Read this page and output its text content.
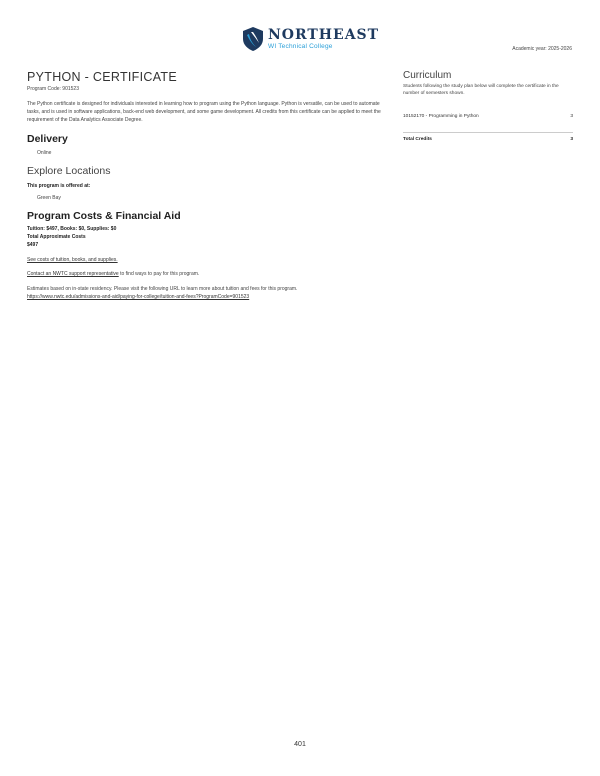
NORTHEAST
WI Technical College	Academic year: 2025-2026
PYTHON - CERTIFICATE
Program Code: 901523
The Python certificate is designed for individuals interested in learning how to program using the Python language. Python is versatile, can be used to automate tasks, and is used in software applications, back-end web development, and some game development. All credits from this certificate can be applied to meet the requirement of the Data Analytics Associate Degree.
Delivery
Online
Explore Locations
This program is offered at:
Green Bay
Program Costs & Financial Aid
Tuition: $497, Books: $0, Supplies: $0
Total Approximate Costs
$497
See costs of tuition, books, and supplies.
Contact an NWTC support representative to find ways to pay for this program.
Estimates based on in-state residency. Please visit the following URL to learn more about tuition and fees for this program.
https://www.nwtc.edu/admissions-and-aid/paying-for-college/tuition-and-fees?ProgramCode=901523
Curriculum
Students following the study plan below will complete the certificate in the number of semesters shown.
10152170 - Programming in Python	3
Total Credits	3
401
